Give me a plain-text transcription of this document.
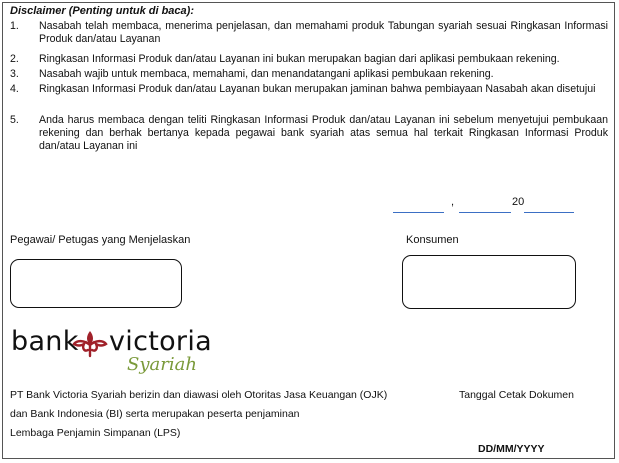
Disclaimer (Penting untuk di baca):
1.	Nasabah telah membaca, menerima penjelasan, dan memahami produk Tabungan syariah sesuai Ringkasan Informasi Produk dan/atau Layanan
2.	Ringkasan Informasi Produk dan/atau Layanan ini bukan merupakan bagian dari aplikasi pembukaan rekening.
3.	Nasabah wajib untuk membaca, memahami, dan menandatangani aplikasi pembukaan rekening.
4.	Ringkasan Informasi Produk dan/atau Layanan bukan merupakan jaminan bahwa pembiayaan Nasabah akan disetujui
5.	Anda harus membaca dengan teliti Ringkasan Informasi Produk dan/atau Layanan ini sebelum menyetujui pembukaan rekening dan berhak bertanya kepada pegawai bank syariah atas semua hal terkait Ringkasan Informasi Produk dan/atau Layanan ini
,	20
Pegawai/ Petugas yang Menjelaskan	Konsumen
bank victoria
Syariah
PT Bank Victoria Syariah berizin dan diawasi oleh Otoritas Jasa Keuangan (OJK)
dan Bank Indonesia (BI) serta merupakan peserta penjaminan
Lembaga Penjamin Simpanan (LPS)
Tanggal Cetak Dokumen
DD/MM/YYYY
